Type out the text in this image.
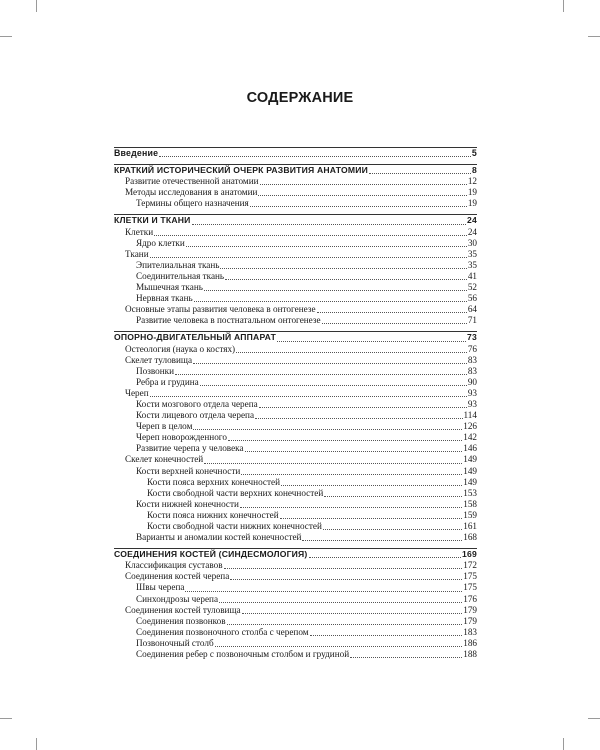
СОДЕРЖАНИЕ
Введение	5
КРАТКИЙ ИСТОРИЧЕСКИЙ ОЧЕРК РАЗВИТИЯ АНАТОМИИ	8
Развитие отечественной анатомии	12
Методы исследования в анатомии	19
Термины общего назначения	19
КЛЕТКИ И ТКАНИ	24
Клетки	24
Ядро клетки	30
Ткани	35
Эпителиальная ткань	35
Соединительная ткань	41
Мышечная ткань	52
Нервная ткань	56
Основные этапы развития человека в онтогенезе	64
Развитие человека в постнатальном онтогенезе	71
ОПОРНО-ДВИГАТЕЛЬНЫЙ АППАРАТ	73
Остеология (наука о костях)	76
Скелет туловища	83
Позвонки	83
Ребра и грудина	90
Череп	93
Кости мозгового отдела черепа	93
Кости лицевого отдела черепа	114
Череп в целом	126
Череп новорожденного	142
Развитие черепа у человека	146
Скелет конечностей	149
Кости верхней конечности	149
Кости пояса верхних конечностей	149
Кости свободной части верхних конечностей	153
Кости нижней конечности	158
Кости пояса нижних конечностей	159
Кости свободной части нижних конечностей	161
Варианты и аномалии костей конечностей	168
СОЕДИНЕНИЯ КОСТЕЙ (СИНДЕСМОЛОГИЯ)	169
Классификация суставов	172
Соединения костей черепа	175
Швы черепа	175
Синхондрозы черепа	176
Соединения костей туловища	179
Соединения позвонков	179
Соединения позвоночного столба с черепом	183
Позвоночный столб	186
Соединения ребер с позвоночным столбом и грудиной	188
